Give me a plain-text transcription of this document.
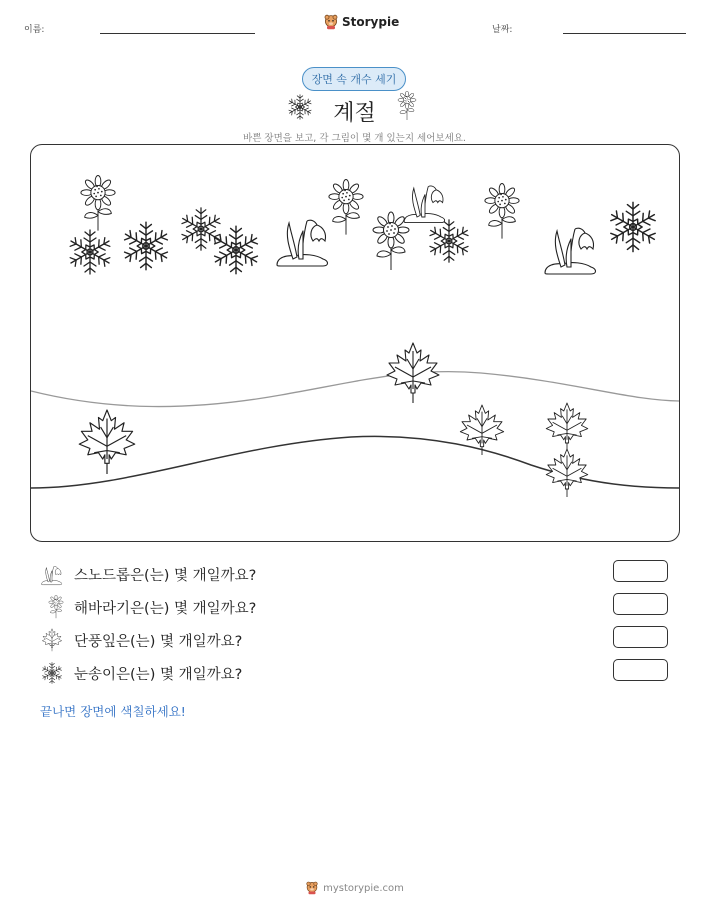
이름:
Storypie
날짜:
장면 속 개수 세기
계절
바쁜 장면을 보고, 각 그림이 몇 개 있는지 세어보세요.
스노드롭은(는) 몇 개일까요?
해바라기은(는) 몇 개일까요?
단풍잎은(는) 몇 개일까요?
눈송이은(는) 몇 개일까요?
끝나면 장면에 색칠하세요!
mystorypie.com
